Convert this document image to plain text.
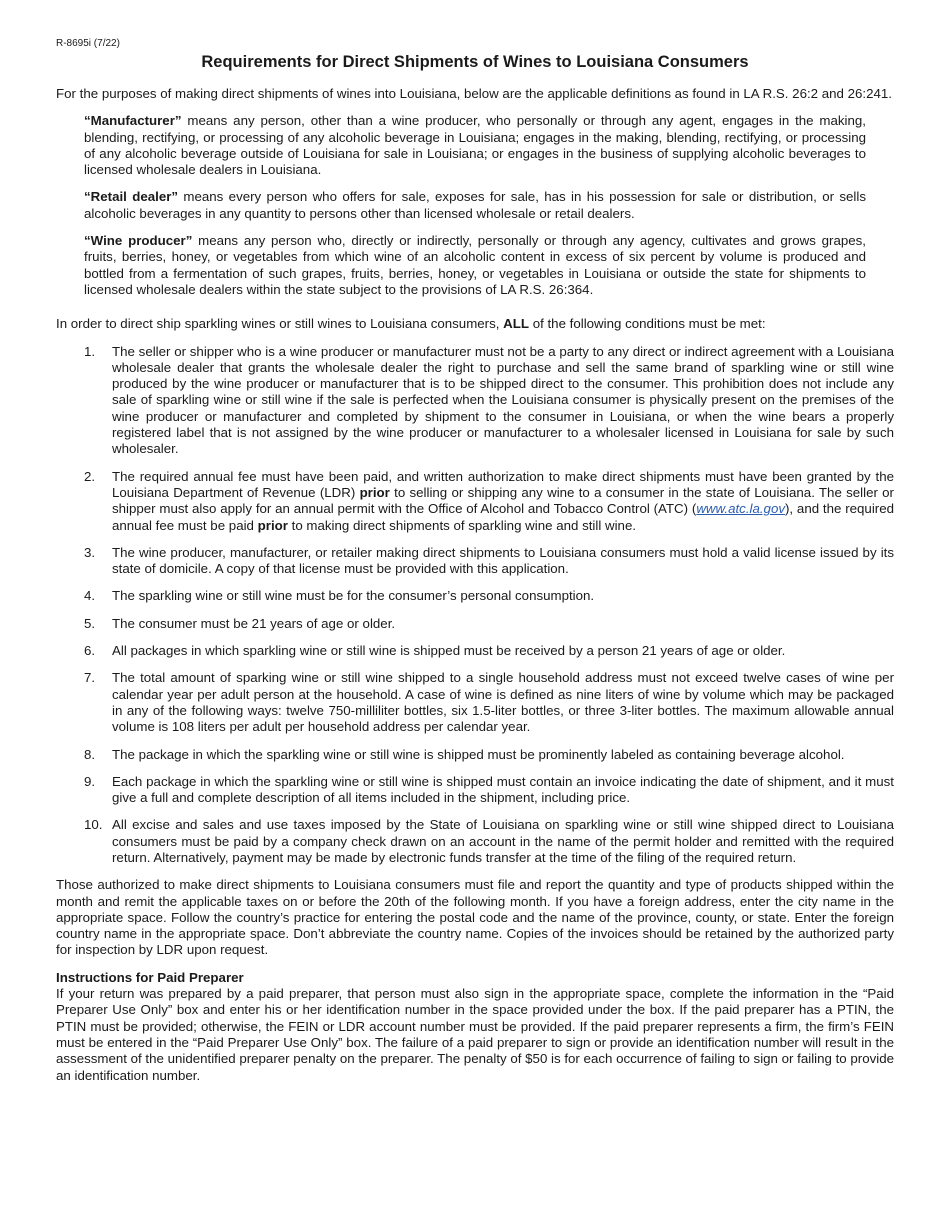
R-8695i (7/22)
Requirements for Direct Shipments of Wines to Louisiana Consumers

For the purposes of making direct shipments of wines into Louisiana, below are the applicable definitions as found in LA R.S. 26:2 and 26:241.

“Manufacturer” means any person, other than a wine producer, who personally or through any agent, engages in the making, blending, rectifying, or processing of any alcoholic beverage in Louisiana; engages in the making, blending, rectifying, or processing of any alcoholic beverage outside of Louisiana for sale in Louisiana; or engages in the business of supplying alcoholic beverages to licensed wholesale dealers in Louisiana.

“Retail dealer” means every person who offers for sale, exposes for sale, has in his possession for sale or distribution, or sells alcoholic beverages in any quantity to persons other than licensed wholesale or retail dealers.

“Wine producer” means any person who, directly or indirectly, personally or through any agency, cultivates and grows grapes, fruits, berries, honey, or vegetables from which wine of an alcoholic content in excess of six percent by volume is produced and bottled from a fermentation of such grapes, fruits, berries, honey, or vegetables in Louisiana or outside the state for shipments to licensed wholesale dealers within the state subject to the provisions of LA R.S. 26:364.

In order to direct ship sparkling wines or still wines to Louisiana consumers, ALL of the following conditions must be met:

1. The seller or shipper who is a wine producer or manufacturer must not be a party to any direct or indirect agreement with a Louisiana wholesale dealer that grants the wholesale dealer the right to purchase and sell the same brand of sparkling wine or still wine produced by the wine producer or manufacturer that is to be shipped direct to the consumer. This prohibition does not include any sale of sparkling wine or still wine if the sale is perfected when the Louisiana consumer is physically present on the premises of the wine producer or manufacturer and completed by shipment to the consumer in Louisiana, or when the wine bears a properly registered label that is not assigned by the wine producer or manufacturer to a wholesaler licensed in Louisiana for sale by such wholesaler.
2. The required annual fee must have been paid, and written authorization to make direct shipments must have been granted by the Louisiana Department of Revenue (LDR) prior to selling or shipping any wine to a consumer in the state of Louisiana. The seller or shipper must also apply for an annual permit with the Office of Alcohol and Tobacco Control (ATC) (www.atc.la.gov), and the required annual fee must be paid prior to making direct shipments of sparkling wine and still wine.
3. The wine producer, manufacturer, or retailer making direct shipments to Louisiana consumers must hold a valid license issued by its state of domicile. A copy of that license must be provided with this application.
4. The sparkling wine or still wine must be for the consumer’s personal consumption.
5. The consumer must be 21 years of age or older.
6. All packages in which sparkling wine or still wine is shipped must be received by a person 21 years of age or older.
7. The total amount of sparking wine or still wine shipped to a single household address must not exceed twelve cases of wine per calendar year per adult person at the household. A case of wine is defined as nine liters of wine by volume which may be packaged in any of the following ways: twelve 750-milliliter bottles, six 1.5-liter bottles, or three 3-liter bottles. The maximum allowable annual volume is 108 liters per adult per household address per calendar year.
8. The package in which the sparkling wine or still wine is shipped must be prominently labeled as containing beverage alcohol.
9. Each package in which the sparkling wine or still wine is shipped must contain an invoice indicating the date of shipment, and it must give a full and complete description of all items included in the shipment, including price.
10. All excise and sales and use taxes imposed by the State of Louisiana on sparkling wine or still wine shipped direct to Louisiana consumers must be paid by a company check drawn on an account in the name of the permit holder and remitted with the required return. Alternatively, payment may be made by electronic funds transfer at the time of the filing of the required return.

Those authorized to make direct shipments to Louisiana consumers must file and report the quantity and type of products shipped within the month and remit the applicable taxes on or before the 20th of the following month. If you have a foreign address, enter the city name in the appropriate space. Follow the country’s practice for entering the postal code and the name of the province, county, or state. Enter the foreign country name in the appropriate space. Don’t abbreviate the country name. Copies of the invoices should be retained by the authorized party for inspection by LDR upon request.

Instructions for Paid Preparer

If your return was prepared by a paid preparer, that person must also sign in the appropriate space, complete the information in the “Paid Preparer Use Only” box and enter his or her identification number in the space provided under the box. If the paid preparer has a PTIN, the PTIN must be provided; otherwise, the FEIN or LDR account number must be provided. If the paid preparer represents a firm, the firm’s FEIN must be entered in the “Paid Preparer Use Only” box. The failure of a paid preparer to sign or provide an identification number will result in the assessment of the unidentified preparer penalty on the preparer. The penalty of $50 is for each occurrence of failing to sign or failing to provide an identification number.
